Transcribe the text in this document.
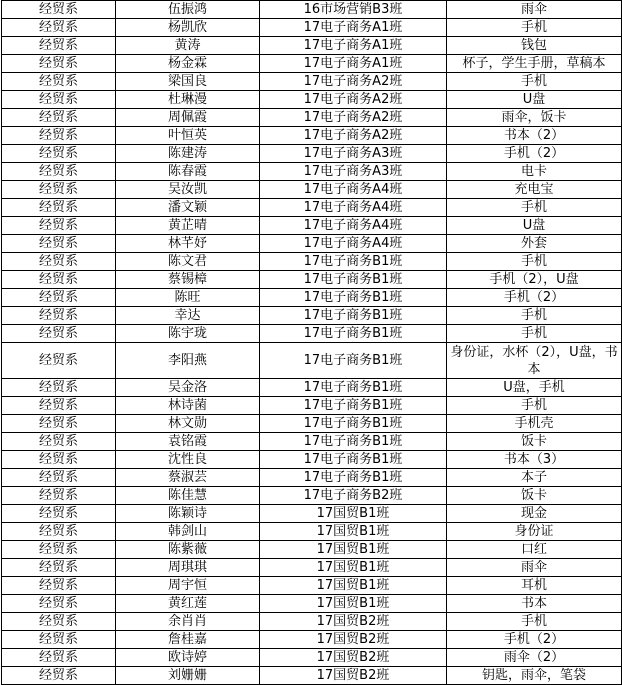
经贸系	伍振鸿	16市场营销B3班	雨伞
经贸系	杨凯欣	17电子商务A1班	手机
经贸系	黄涛	17电子商务A1班	钱包
经贸系	杨金霖	17电子商务A1班	杯子，学生手册，草稿本
经贸系	梁国良	17电子商务A2班	手机
经贸系	杜琳漫	17电子商务A2班	U盘
经贸系	周佩霞	17电子商务A2班	雨伞，饭卡
经贸系	叶恒英	17电子商务A2班	书本（2）
经贸系	陈建涛	17电子商务A3班	手机（2）
经贸系	陈春霞	17电子商务A3班	电卡
经贸系	吴汝凯	17电子商务A4班	充电宝
经贸系	潘文颖	17电子商务A4班	手机
经贸系	黄芷晴	17电子商务A4班	U盘
经贸系	林芊妤	17电子商务A4班	外套
经贸系	陈文君	17电子商务B1班	手机
经贸系	蔡锡樟	17电子商务B1班	手机（2），U盘
经贸系	陈旺	17电子商务B1班	手机（2）
经贸系	幸达	17电子商务B1班	手机
经贸系	陈宇珑	17电子商务B1班	手机
经贸系	李阳燕	17电子商务B1班	身份证，水杯（2），U盘，书本
经贸系	吴金洛	17电子商务B1班	U盘，手机
经贸系	林诗菌	17电子商务B1班	手机
经贸系	林文勋	17电子商务B1班	手机壳
经贸系	袁铭霞	17电子商务B1班	饭卡
经贸系	沈性良	17电子商务B1班	书本（3）
经贸系	蔡淑芸	17电子商务B1班	本子
经贸系	陈佳慧	17电子商务B2班	饭卡
经贸系	陈颖诗	17国贸B1班	现金
经贸系	韩剑山	17国贸B1班	身份证
经贸系	陈紫薇	17国贸B1班	口红
经贸系	周琪琪	17国贸B1班	雨伞
经贸系	周宇恒	17国贸B1班	耳机
经贸系	黄红莲	17国贸B1班	书本
经贸系	余肖肖	17国贸B2班	手机
经贸系	詹桂嘉	17国贸B2班	手机（2）
经贸系	欧诗婷	17国贸B2班	雨伞（2）
经贸系	刘姗姗	17国贸B2班	钥匙，雨伞，笔袋
